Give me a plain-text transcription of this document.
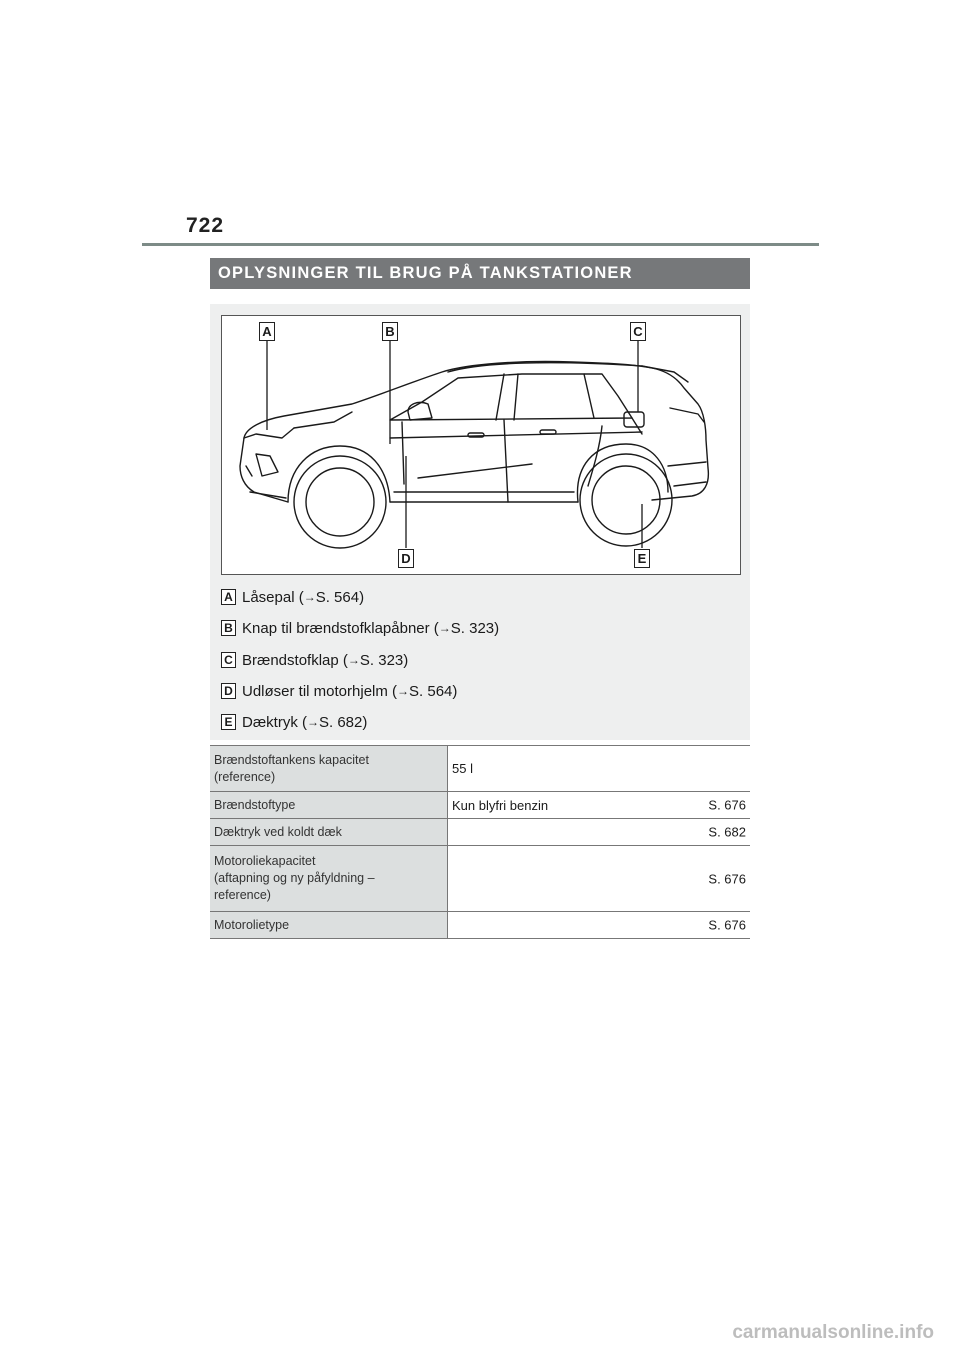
722
OPLYSNINGER TIL BRUG PÅ TANKSTATIONER
A	B	C
D	E
A Låsepal ( → S. 564)
B Knap til brændstofklapåbner ( → S. 323)
C Brændstofklap ( → S. 323)
D Udløser til motorhjelm ( → S. 564)
E Dæktryk ( → S. 682)
Brændstoftankens kapacitet
(reference)	55 l

Brændstoftype	Kun blyfri benzin S. 676

Dæktryk ved koldt dæk	S. 682

Motoroliekapacitet
(aftapning og ny påfyldning –
reference)	S. 676

Motorolietype	S. 676
carmanualsonline.info
